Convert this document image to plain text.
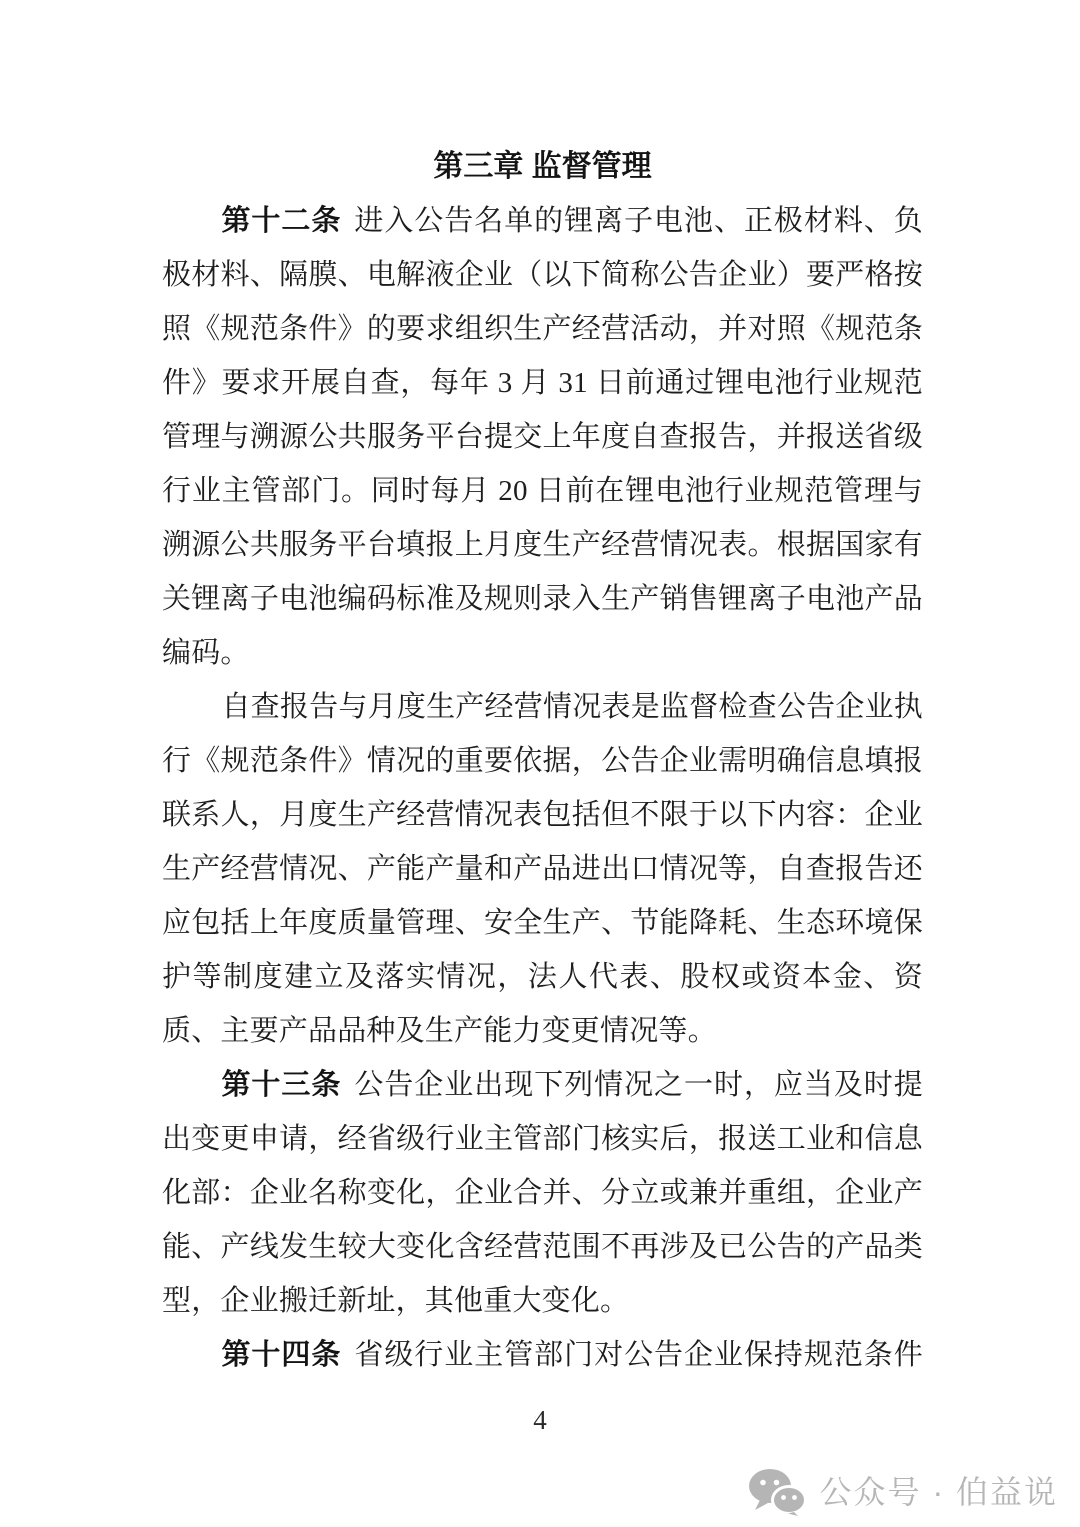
第三章 监督管理

第十二条 进入公告名单的锂离子电池、正极材料、负极材料、隔膜、电解液企业（以下简称公告企业）要严格按照《规范条件》的要求组织生产经营活动，并对照《规范条件》要求开展自查，每年 3 月 31 日前通过锂电池行业规范管理与溯源公共服务平台提交上年度自查报告，并报送省级行业主管部门。同时每月 20 日前在锂电池行业规范管理与溯源公共服务平台填报上月度生产经营情况表。根据国家有关锂离子电池编码标准及规则录入生产销售锂离子电池产品编码。

自查报告与月度生产经营情况表是监督检查公告企业执行《规范条件》情况的重要依据，公告企业需明确信息填报联系人，月度生产经营情况表包括但不限于以下内容：企业生产经营情况、产能产量和产品进出口情况等，自查报告还应包括上年度质量管理、安全生产、节能降耗、生态环境保护等制度建立及落实情况，法人代表、股权或资本金、资质、主要产品品种及生产能力变更情况等。

第十三条 公告企业出现下列情况之一时，应当及时提出变更申请，经省级行业主管部门核实后，报送工业和信息化部：企业名称变化，企业合并、分立或兼并重组，企业产能、产线发生较大变化含经营范围不再涉及已公告的产品类型，企业搬迁新址，其他重大变化。

第十四条 省级行业主管部门对公告企业保持规范条件

4
公众号 · 伯益说
